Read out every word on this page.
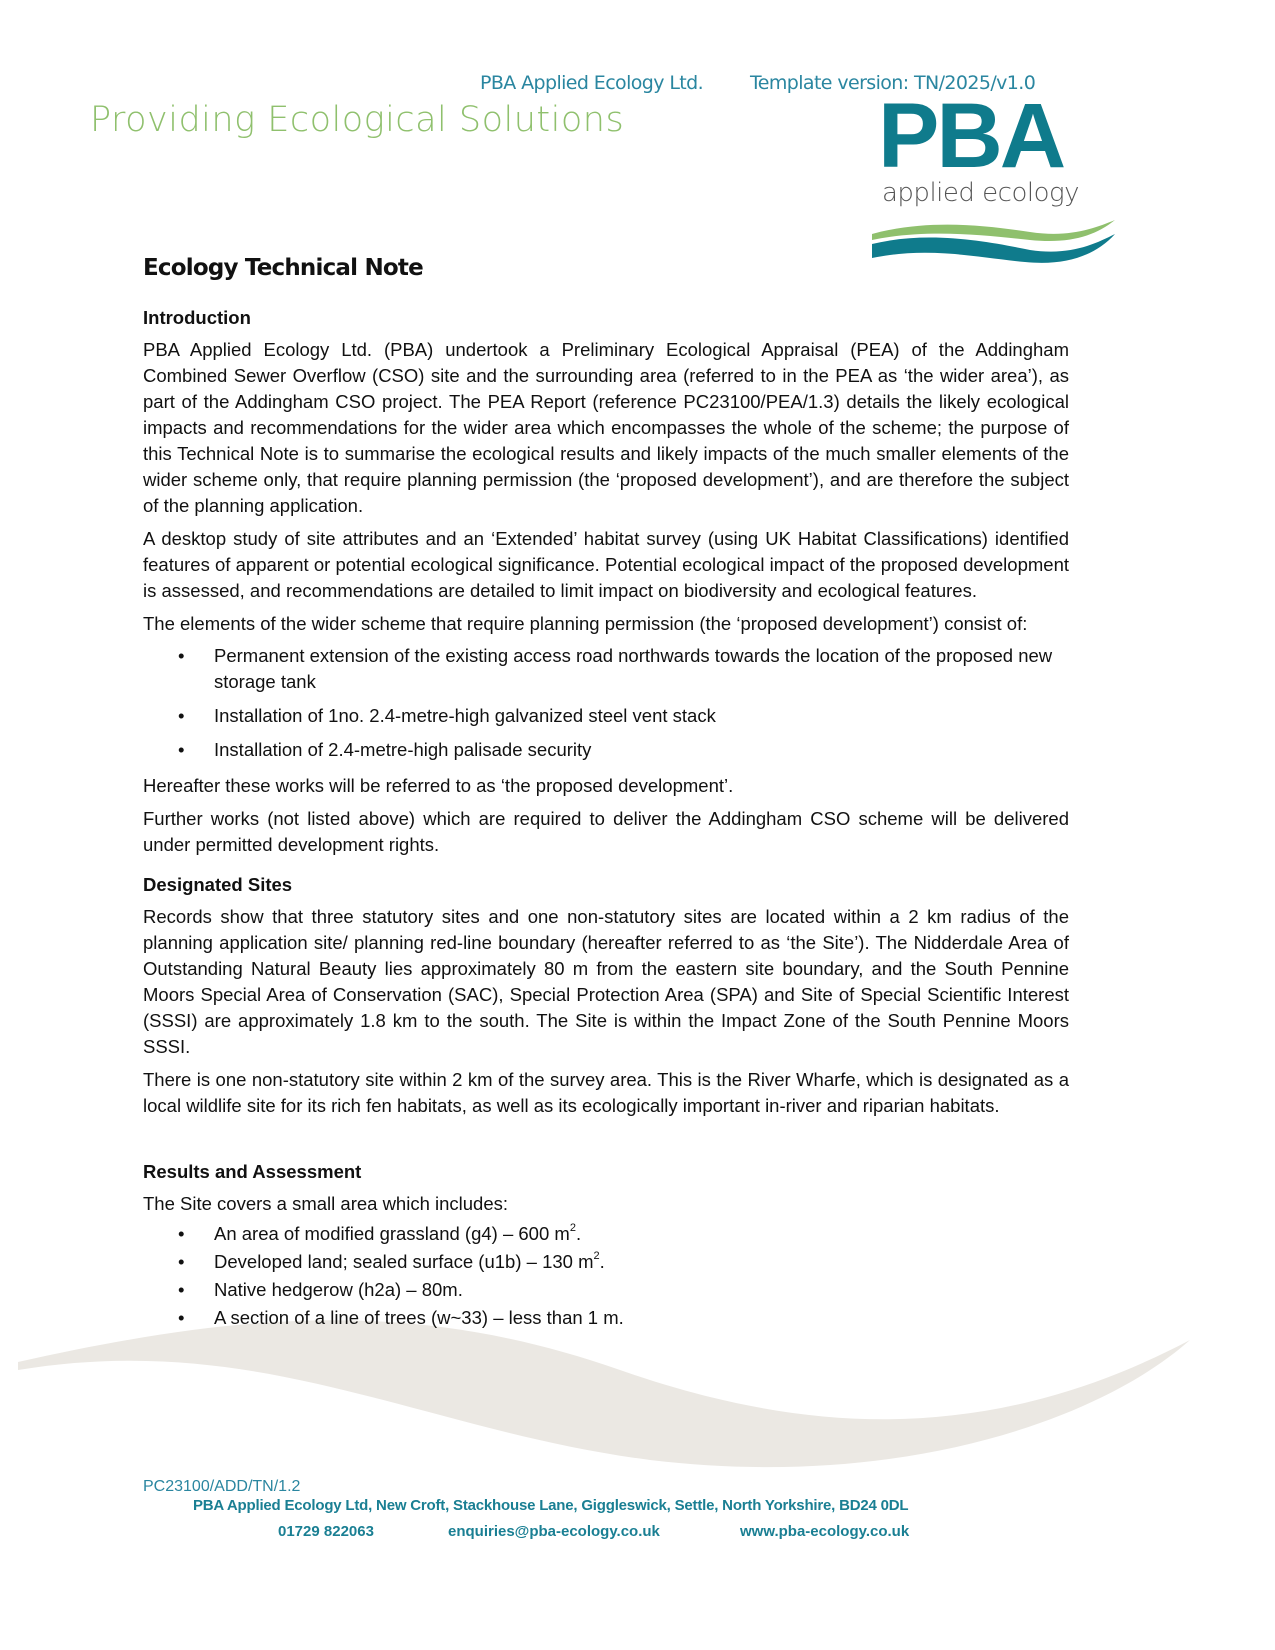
PBA Applied Ecology Ltd. Template version: TN/2025/v1.0
Providing Ecological Solutions	PBA
applied ecology
Ecology Technical Note
Introduction

PBA Applied Ecology Ltd. (PBA) undertook a Preliminary Ecological Appraisal (PEA) of the Addingham Combined Sewer Overflow (CSO) site and the surrounding area (referred to in the PEA as ‘the wider area’), as part of the Addingham CSO project. The PEA Report (reference PC23100/PEA/1.3) details the likely ecological impacts and recommendations for the wider area which encompasses the whole of the scheme; the purpose of this Technical Note is to summarise the ecological results and likely impacts of the much smaller elements of the wider scheme only, that require planning permission (the ‘proposed development’), and are therefore the subject of the planning application.

A desktop study of site attributes and an ‘Extended’ habitat survey (using UK Habitat Classifications) identified features of apparent or potential ecological significance. Potential ecological impact of the proposed development is assessed, and recommendations are detailed to limit impact on biodiversity and ecological features.

The elements of the wider scheme that require planning permission (the ‘proposed development’) consist of:

• Permanent extension of the existing access road northwards towards the location of the proposed new storage tank
• Installation of 1no. 2.4-metre-high galvanized steel vent stack
• Installation of 2.4-metre-high palisade security

Hereafter these works will be referred to as ‘the proposed development’.

Further works (not listed above) which are required to deliver the Addingham CSO scheme will be delivered under permitted development rights.

Designated Sites

Records show that three statutory sites and one non-statutory sites are located within a 2 km radius of the planning application site/ planning red-line boundary (hereafter referred to as ‘the Site’). The Nidderdale Area of Outstanding Natural Beauty lies approximately 80 m from the eastern site boundary, and the South Pennine Moors Special Area of Conservation (SAC), Special Protection Area (SPA) and Site of Special Scientific Interest (SSSI) are approximately 1.8 km to the south. The Site is within the Impact Zone of the South Pennine Moors SSSI.

There is one non-statutory site within 2 km of the survey area. This is the River Wharfe, which is designated as a local wildlife site for its rich fen habitats, as well as its ecologically important in-river and riparian habitats.

Results and Assessment

The Site covers a small area which includes:

• An area of modified grassland (g4) – 600 $m^2$.
• Developed land; sealed surface (u1b) – 130 $m^2$.
• Native hedgerow (h2a) – 80m.
• A section of a line of trees (w~33) – less than 1 m.
PC23100/ADD/TN/1.2
PBA Applied Ecology Ltd, New Croft, Stackhouse Lane, Giggleswick, Settle, North Yorkshire, BD24 0DL
01729 822063	enquiries@pba-ecology.co.uk	www.pba-ecology.co.uk
